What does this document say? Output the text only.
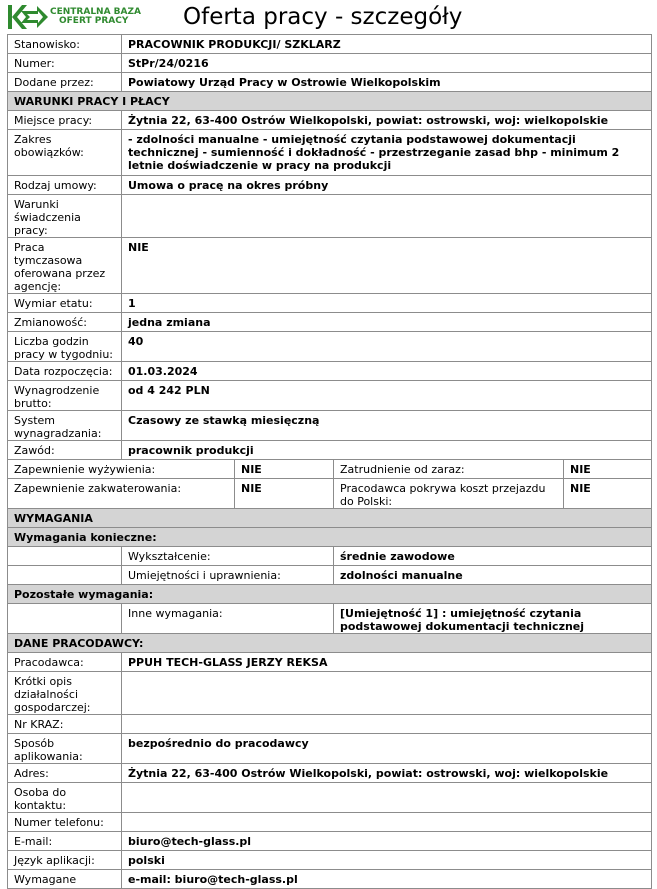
CENTRALNA BAZA
OFERT PRACY Oferta pracy - szczegóły
Stanowisko:	PRACOWNIK PRODUKCJI/ SZKLARZ			
Numer:	StPr/24/0216			
Dodane przez:	Powiatowy Urząd Pracy w Ostrowie Wielkopolskim			
WARUNKI PRACY I PŁACY				
Miejsce pracy:	Żytnia 22, 63-400 Ostrów Wielkopolski, powiat: ostrowski, woj: wielkopolskie			
Zakres obowiązków:	- zdolności manualne - umiejętność czytania podstawowej dokumentacji technicznej - sumienność i dokładność - przestrzeganie zasad bhp - minimum 2 letnie doświadczenie w pracy na produkcji			
Rodzaj umowy:	Umowa o pracę na okres próbny			
Warunki świadczenia pracy:				
Praca tymczasowa oferowana przez agencję:	NIE			
Wymiar etatu:	1			
Zmianowość:	jedna zmiana			
Liczba godzin pracy w tygodniu:	40			
Data rozpoczęcia:	01.03.2024			
Wynagrodzenie brutto:	od 4 242 PLN			
System wynagradzania:	Czasowy ze stawką miesięczną			
Zawód:	pracownik produkcji			
Zapewnienie wyżywienia:		NIE	Zatrudnienie od zaraz:	NIE
Zapewnienie zakwaterowania:		NIE	Pracodawca pokrywa koszt przejazdu do Polski:	NIE
WYMAGANIA				
Wymagania konieczne:				
	Wykształcenie:		średnie zawodowe	
	Umiejętności i uprawnienia:		zdolności manualne	
Pozostałe wymagania:				
	Inne wymagania:		[Umiejętność 1] : umiejętność czytania podstawowej dokumentacji technicznej	
DANE PRACODAWCY:				
Pracodawca:	PPUH TECH-GLASS JERZY REKSA			
Krótki opis działalności gospodarczej:				
Nr KRAZ:				
Sposób aplikowania:	bezpośrednio do pracodawcy			
Adres:	Żytnia 22, 63-400 Ostrów Wielkopolski, powiat: ostrowski, woj: wielkopolskie			
Osoba do kontaktu:				
Numer telefonu:				
E-mail:	biuro@tech-glass.pl			
Język aplikacji:	polski			
Wymagane	e-mail: biuro@tech-glass.pl			
